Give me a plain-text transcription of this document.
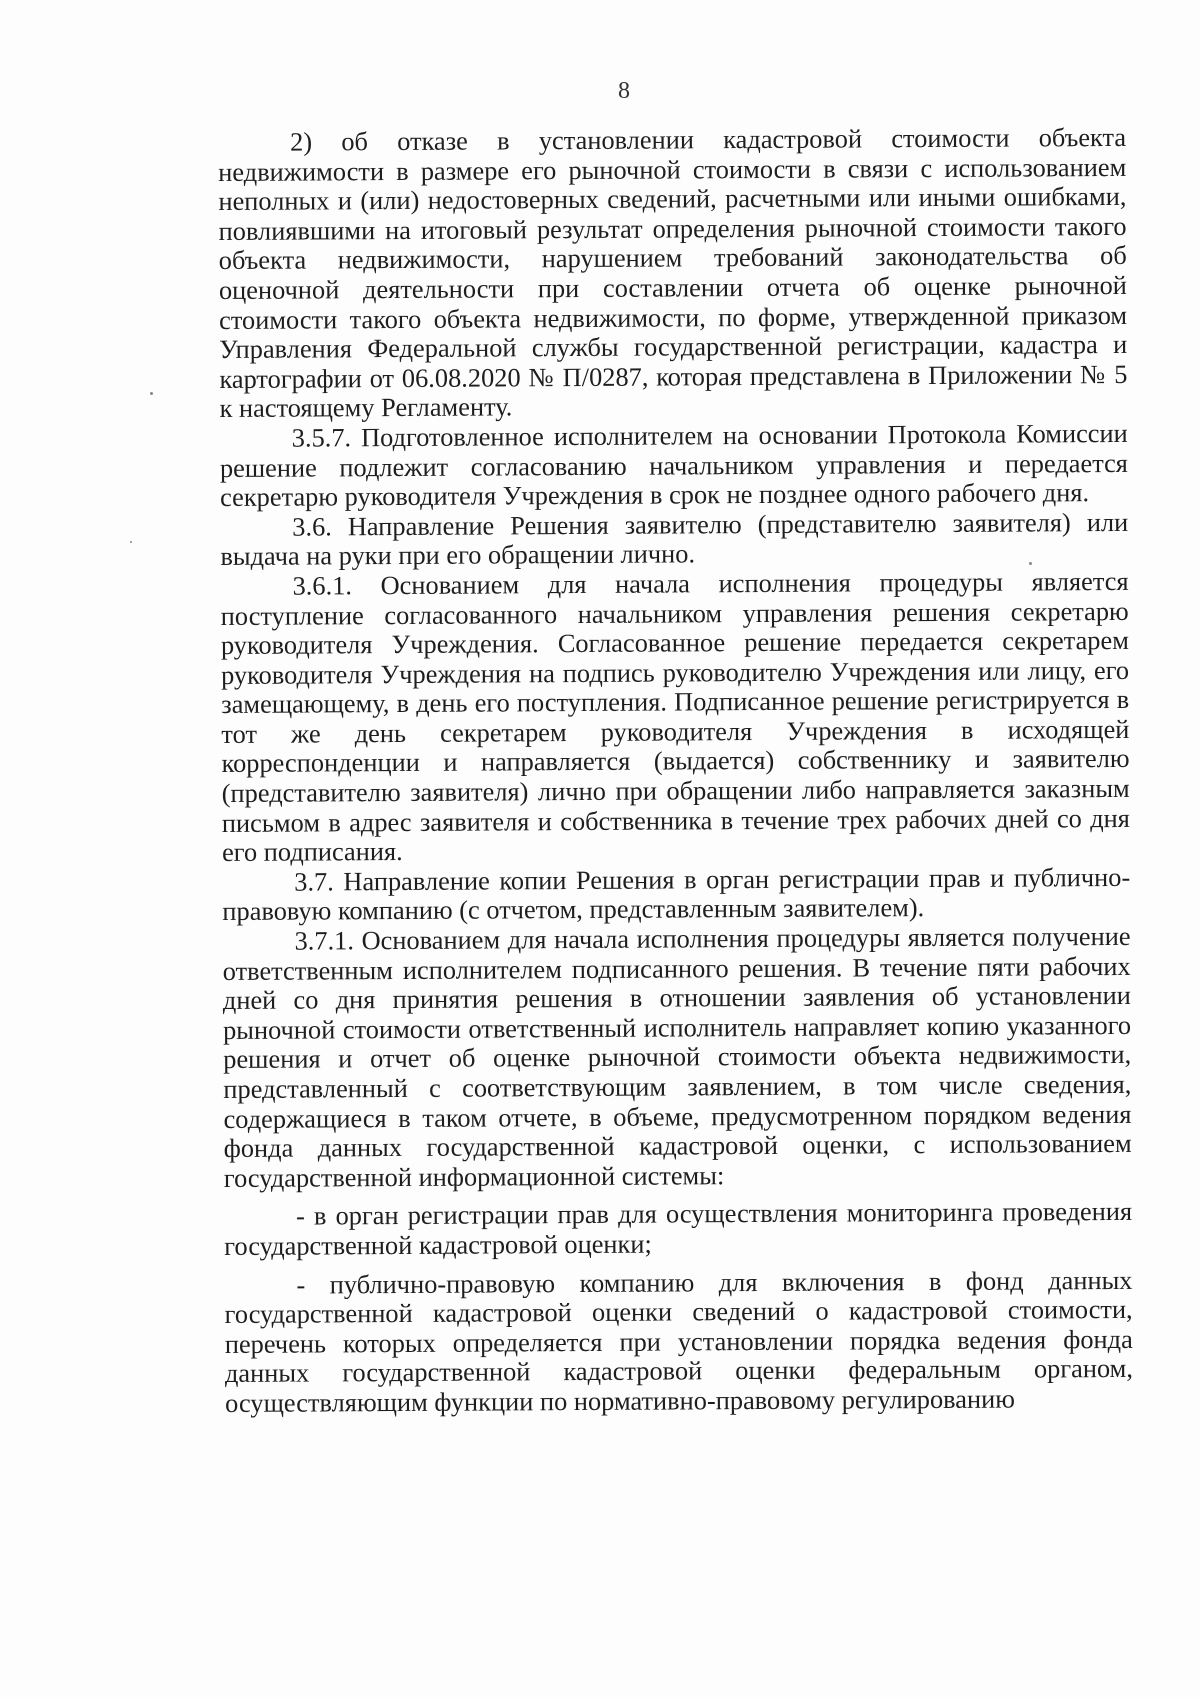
8

2) об отказе в установлении кадастровой стоимости объекта недвижимости в размере его рыночной стоимости в связи с использованием неполных и (или) недостоверных сведений, расчетными или иными ошибками, повлиявшими на итоговый результат определения рыночной стоимости такого объекта недвижимости, нарушением требований законодательства об оценочной деятельности при составлении отчета об оценке рыночной стоимости такого объекта недвижимости, по форме, утвержденной приказом Управления Федеральной службы государственной регистрации, кадастра и картографии от 06.08.2020 № П/0287, которая представлена в Приложении № 5 к настоящему Регламенту.

3.5.7. Подготовленное исполнителем на основании Протокола Комиссии решение подлежит согласованию начальником управления и передается секретарю руководителя Учреждения в срок не позднее одного рабочего дня.

3.6. Направление Решения заявителю (представителю заявителя) или выдача на руки при его обращении лично.

3.6.1. Основанием для начала исполнения процедуры является поступление согласованного начальником управления решения секретарю руководителя Учреждения. Согласованное решение передается секретарем руководителя Учреждения на подпись руководителю Учреждения или лицу, его замещающему, в день его поступления. Подписанное решение регистрируется в тот же день секретарем руководителя Учреждения в исходящей корреспонденции и направляется (выдается) собственнику и заявителю (представителю заявителя) лично при обращении либо направляется заказным письмом в адрес заявителя и собственника в течение трех рабочих дней со дня его подписания.

3.7. Направление копии Решения в орган регистрации прав и публично-правовую компанию (с отчетом, представленным заявителем).

3.7.1. Основанием для начала исполнения процедуры является получение ответственным исполнителем подписанного решения. В течение пяти рабочих дней со дня принятия решения в отношении заявления об установлении рыночной стоимости ответственный исполнитель направляет копию указанного решения и отчет об оценке рыночной стоимости объекта недвижимости, представленный с соответствующим заявлением, в том числе сведения, содержащиеся в таком отчете, в объеме, предусмотренном порядком ведения фонда данных государственной кадастровой оценки, с использованием государственной информационной системы:

- в орган регистрации прав для осуществления мониторинга проведения государственной кадастровой оценки;

- публично-правовую компанию для включения в фонд данных государственной кадастровой оценки сведений о кадастровой стоимости, перечень которых определяется при установлении порядка ведения фонда данных государственной кадастровой оценки федеральным органом, осуществляющим функции по нормативно-правовому регулированию
